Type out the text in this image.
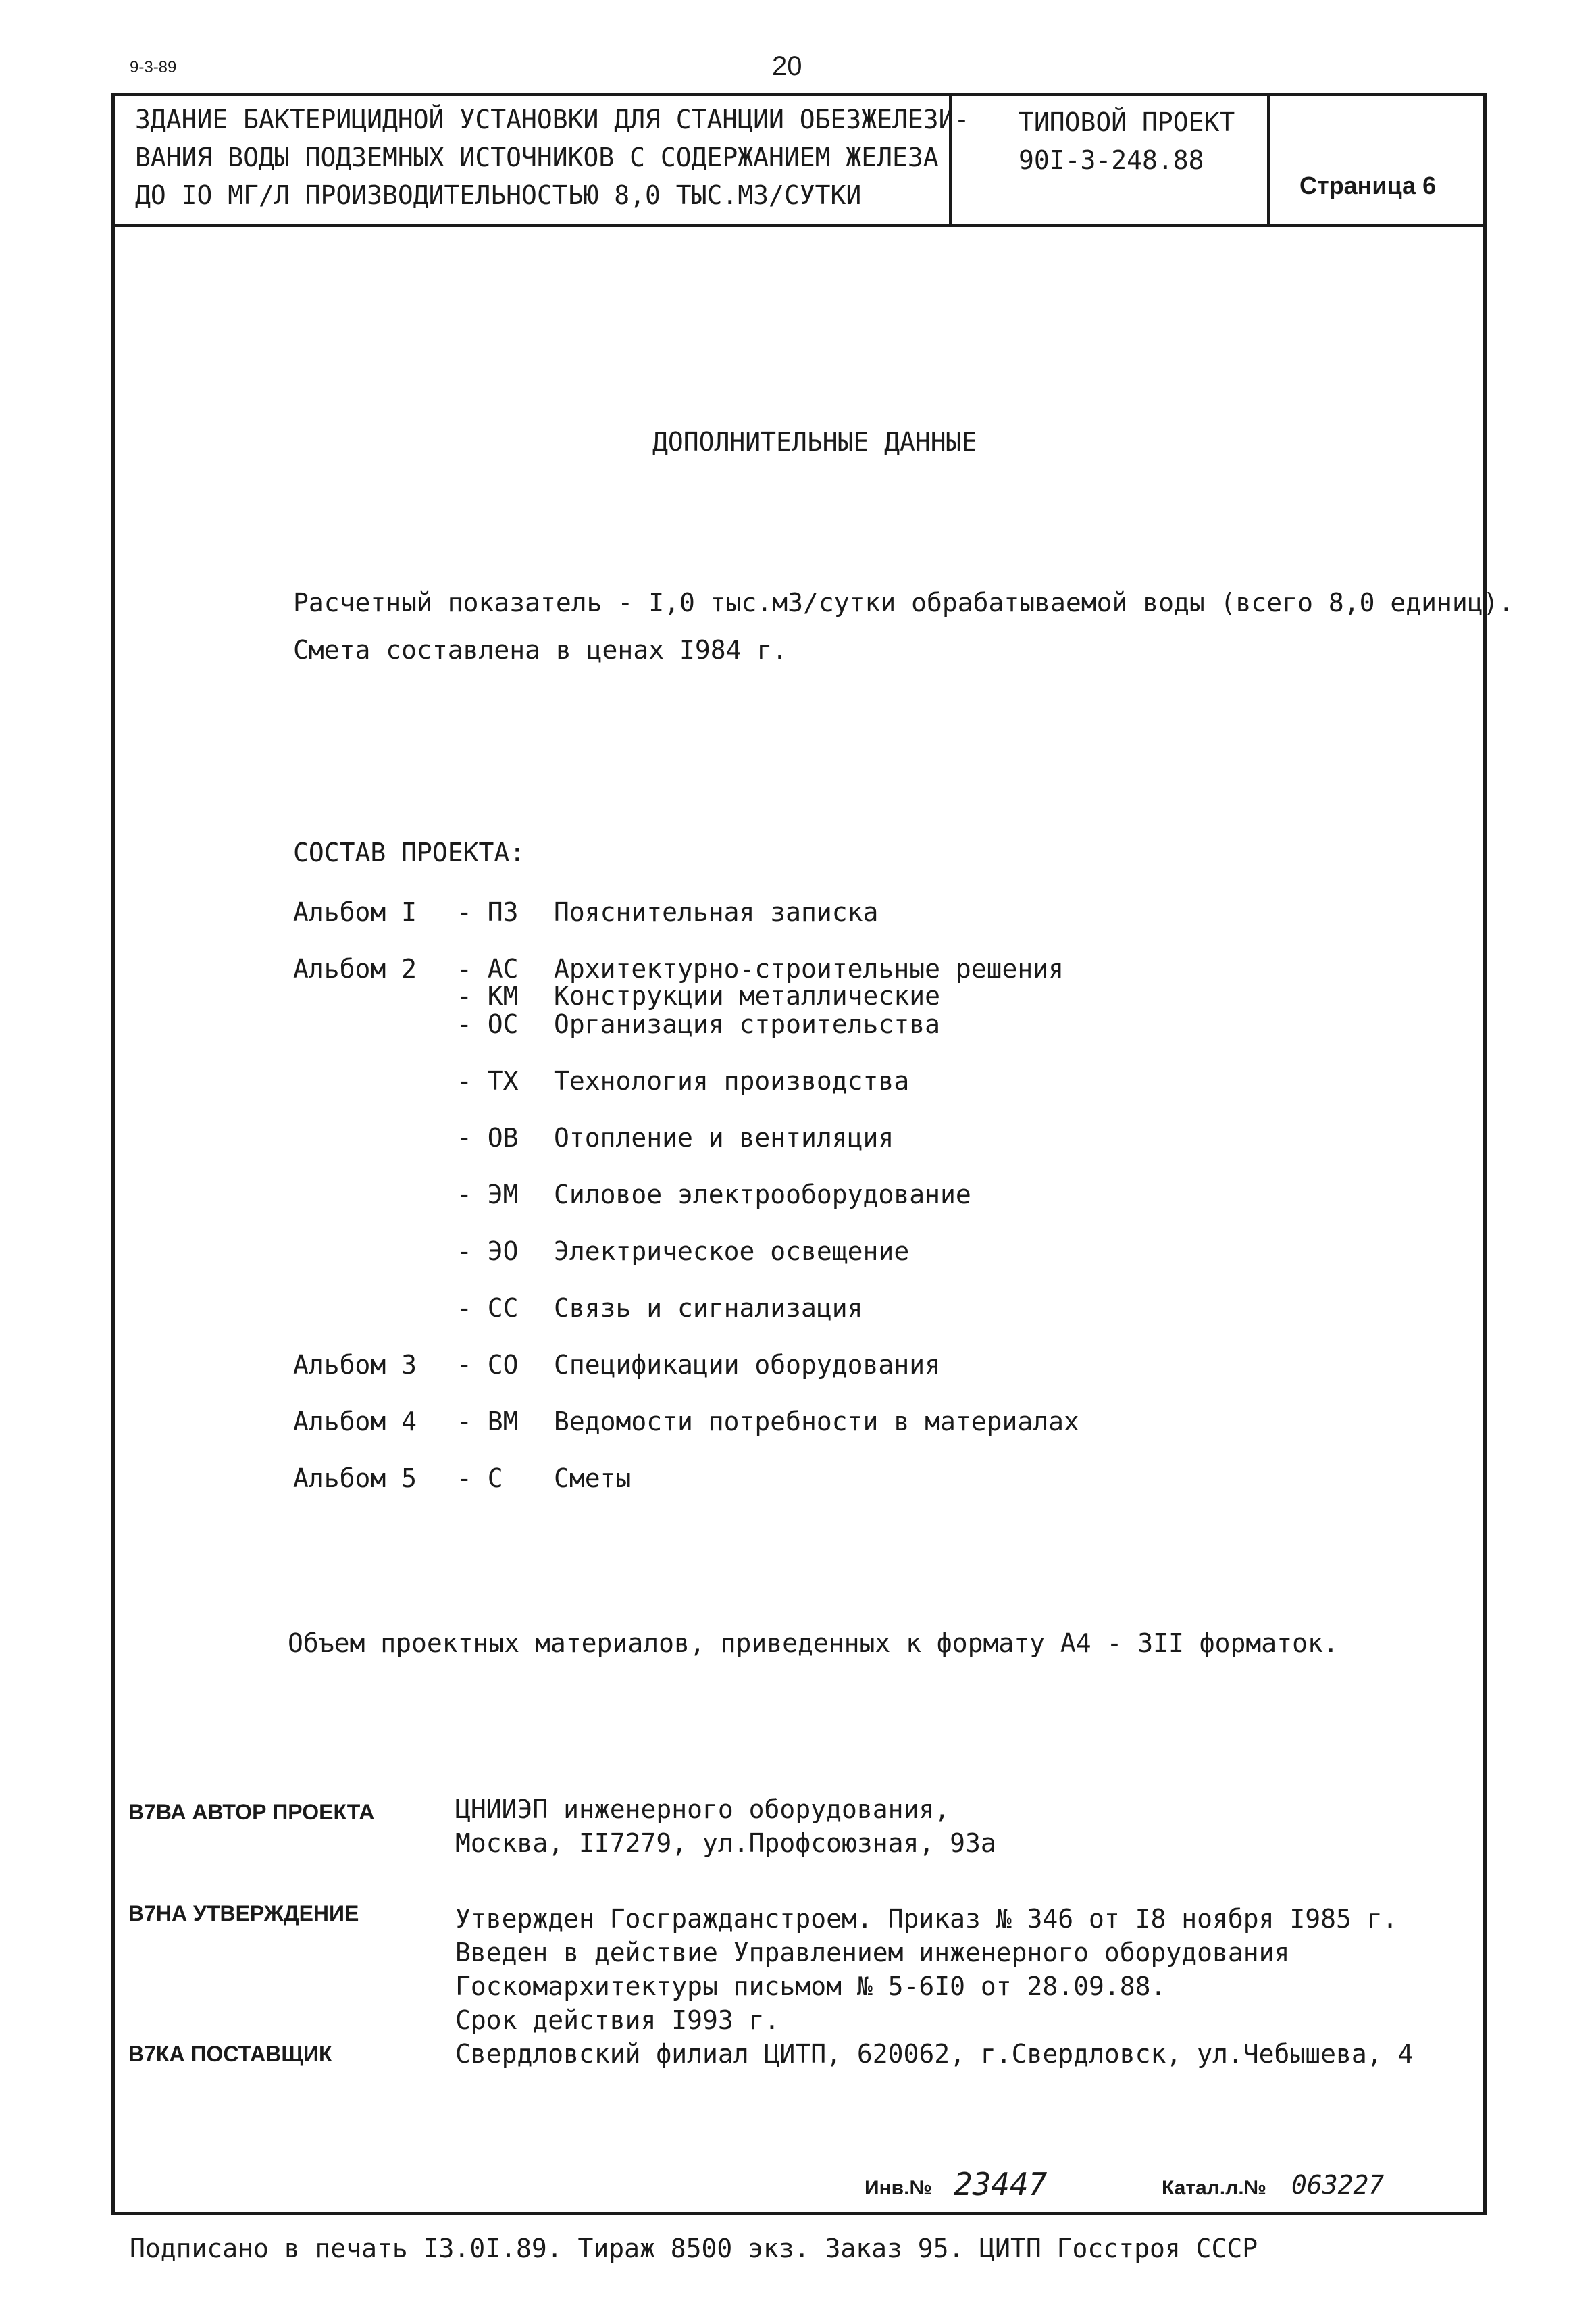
9-3-89	20
ЗДАНИЕ БАКТЕРИЦИДНОЙ УСТАНОВКИ ДЛЯ СТАНЦИИ ОБЕЗЖЕЛЕЗИ-
ВАНИЯ ВОДЫ ПОДЗЕМНЫХ ИСТОЧНИКОВ С СОДЕРЖАНИЕМ ЖЕЛЕЗА
ДО IO МГ/Л ПРОИЗВОДИТЕЛЬНОСТЬЮ 8,0 ТЫС.М3/СУТКИ
ТИПОВОЙ ПРОЕКТ
90I-3-248.88
Страница 6
ДОПОЛНИТЕЛЬНЫЕ ДАННЫЕ
Расчетный показатель - I,0 тыс.м3/сутки обрабатываемой воды (всего 8,0 единиц).
Смета составлена в ценах I984 г.
СОСТАВ ПРОЕКТА:
Альбом I - ПЗ Пояснительная записка
Альбом 2 - АС Архитектурно-строительные решения
- КМ Конструкции металлические
- ОС Организация строительства
- ТХ Технология производства
- ОВ Отопление и вентиляция
- ЭМ Силовое электрооборудование
- ЭО Электрическое освещение
- СС Связь и сигнализация
Альбом 3 - СО Спецификации оборудования
Альбом 4 - ВМ Ведомости потребности в материалах
Альбом 5 - С Сметы
Объем проектных материалов, приведенных к формату А4 - 3II форматок.
В7ВА АВТОР ПРОЕКТА	ЦНИИЭП инженерного оборудования,
Москва, II7279, ул.Профсоюзная, 93а
В7НА УТВЕРЖДЕНИЕ	Утвержден Госгражданстроем. Приказ № 346 от I8 ноября I985 г.
Введен в действие Управлением инженерного оборудования
Госкомархитектуры письмом № 5-6I0 от 28.09.88.
Срок действия I993 г.
В7КА ПОСТАВЩИК	Свердловский филиал ЦИТП, 620062, г.Свердловск, ул.Чебышева, 4
Инв.№ 23447	Катал.л.№ 063227
Подписано в печать I3.0I.89. Тираж 8500 экз. Заказ 95. ЦИТП Госстроя СССР
